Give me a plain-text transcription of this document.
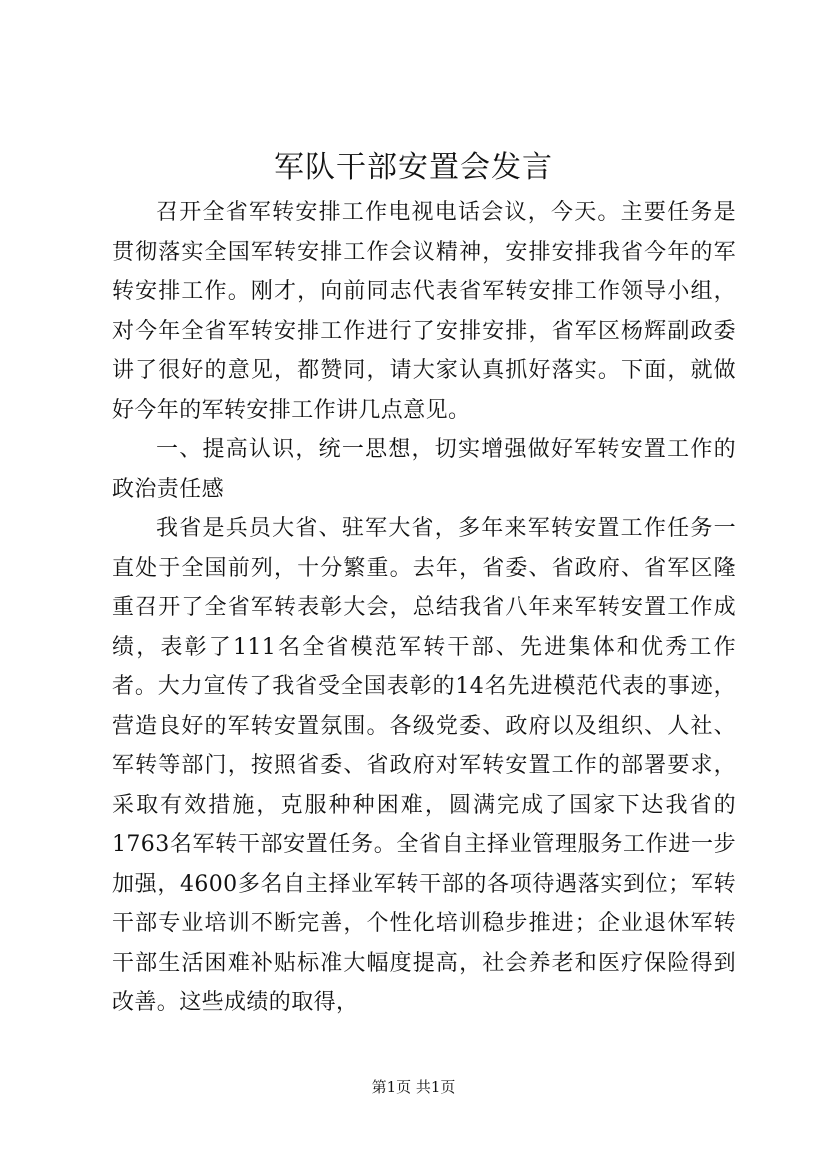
军队干部安置会发言

召开全省军转安排工作电视电话会议，今天。主要任务是贯彻落实全国军转安排工作会议精神，安排安排我省今年的军转安排工作。刚才，向前同志代表省军转安排工作领导小组，对今年全省军转安排工作进行了安排安排，省军区杨辉副政委讲了很好的意见，都赞同，请大家认真抓好落实。下面，就做好今年的军转安排工作讲几点意见。

一、提高认识，统一思想，切实增强做好军转安置工作的政治责任感

我省是兵员大省、驻军大省，多年来军转安置工作任务一直处于全国前列，十分繁重。去年，省委、省政府、省军区隆重召开了全省军转表彰大会，总结我省八年来军转安置工作成绩，表彰了111名全省模范军转干部、先进集体和优秀工作者。大力宣传了我省受全国表彰的14名先进模范代表的事迹，营造良好的军转安置氛围。各级党委、政府以及组织、人社、军转等部门，按照省委、省政府对军转安置工作的部署要求，采取有效措施，克服种种困难，圆满完成了国家下达我省的1763名军转干部安置任务。全省自主择业管理服务工作进一步加强，4600多名自主择业军转干部的各项待遇落实到位；军转干部专业培训不断完善，个性化培训稳步推进；企业退休军转干部生活困难补贴标准大幅度提高，社会养老和医疗保险得到改善。这些成绩的取得，

第1页 共1页
